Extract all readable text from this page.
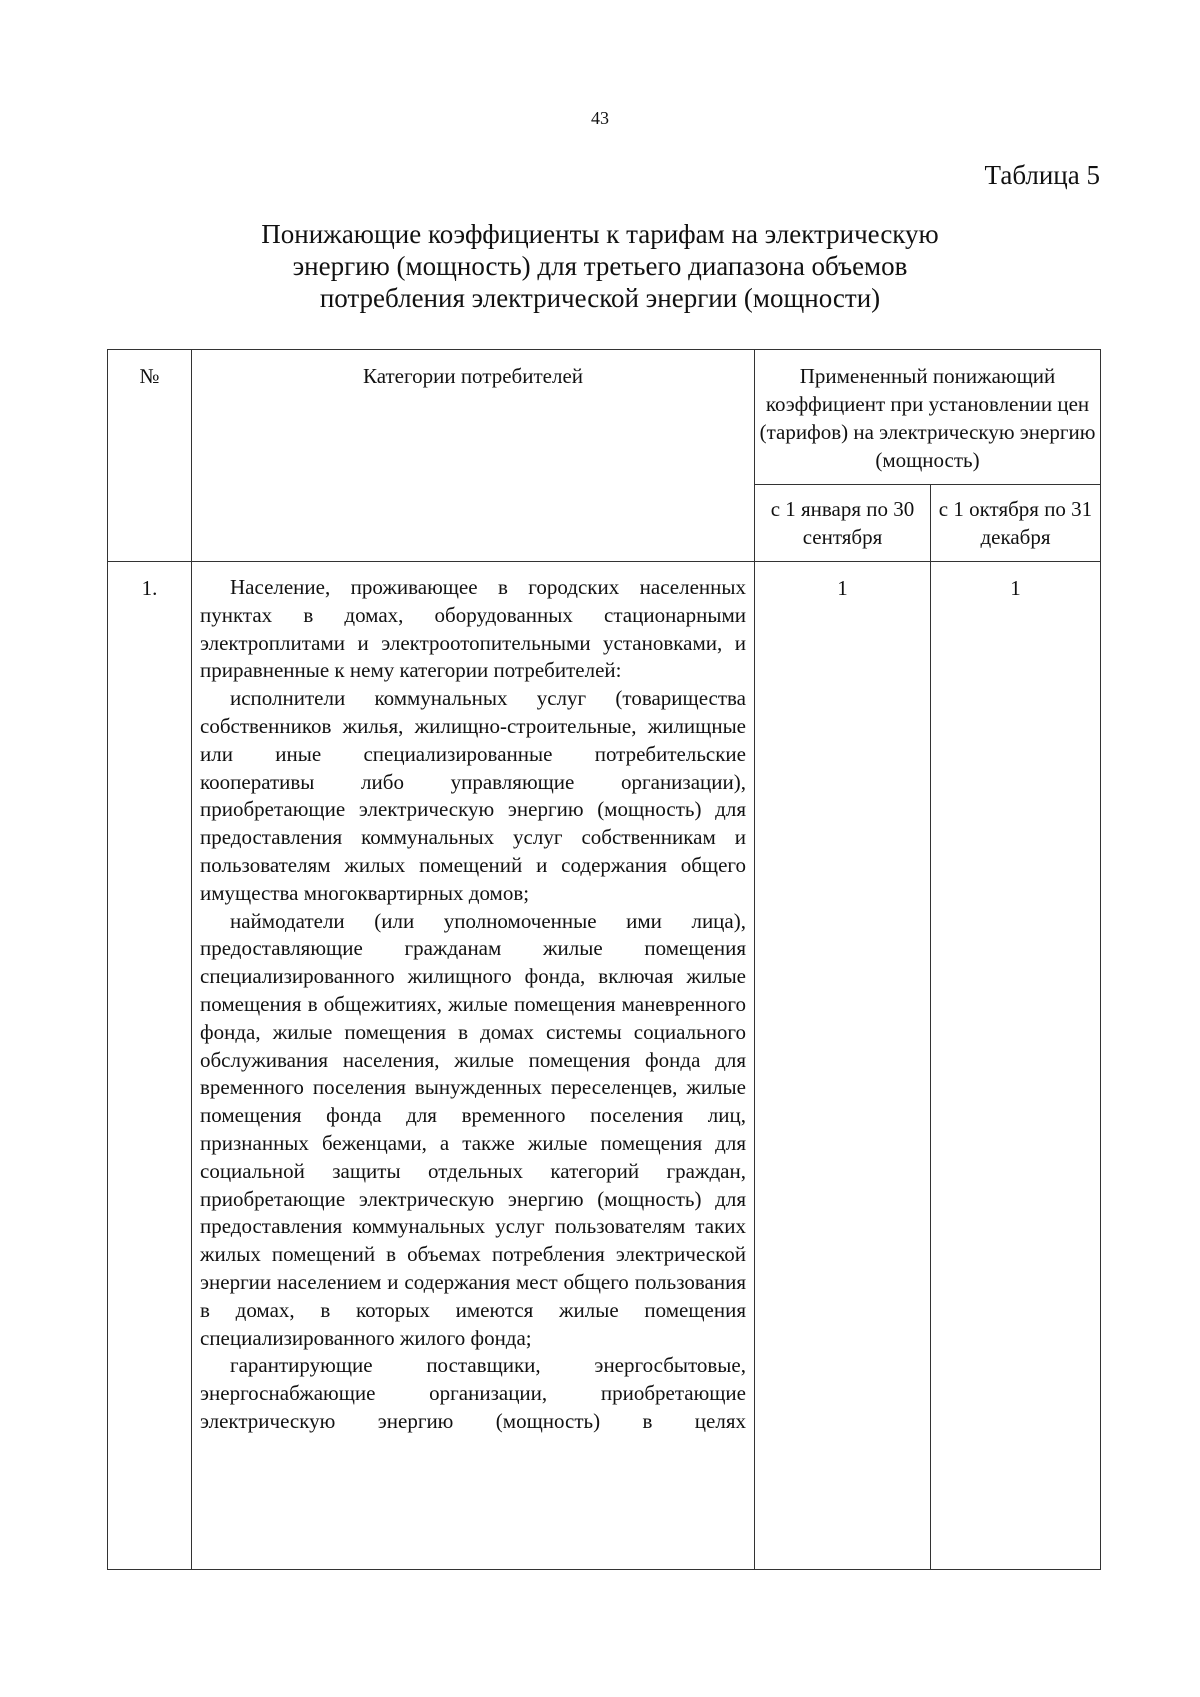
43
Таблица 5
Понижающие коэффициенты к тарифам на электрическую
энергию (мощность) для третьего диапазона объемов
потребления электрической энергии (мощности)
№	Категории потребителей	Примененный понижающий коэффициент при установлении цен (тарифов) на электрическую энергию (мощность)	
		с 1 января по 30 сентября	с 1 октября по 31 декабря
1.	Население, проживающее в городских населенных пунктах в домах, оборудованных стационарными электроплитами и электроотопительными установками, и приравненные к нему категории потребителей:

исполнители коммунальных услуг (товарищества собственников жилья, жилищно-строительные, жилищные или иные специализированные потребительские кооперативы либо управляющие организации), приобретающие электрическую энергию (мощность) для предоставления коммунальных услуг собственникам и пользователям жилых помещений и содержания общего имущества многоквартирных домов;

наймодатели (или уполномоченные ими лица), предоставляющие гражданам жилые помещения специализированного жилищного фонда, включая жилые помещения в общежитиях, жилые помещения маневренного фонда, жилые помещения в домах системы социального обслуживания населения, жилые помещения фонда для временного поселения вынужденных переселенцев, жилые помещения фонда для временного поселения лиц, признанных беженцами, а также жилые помещения для социальной защиты отдельных категорий граждан, приобретающие электрическую энергию (мощность) для предоставления коммунальных услуг пользователям таких жилых помещений в объемах потребления электрической энергии населением и содержания мест общего пользования в домах, в которых имеются жилые помещения специализированного жилого фонда;

гарантирующие поставщики, энергосбытовые, энергоснабжающие организации, приобретающие электрическую энергию (мощность) в целях	1	1
